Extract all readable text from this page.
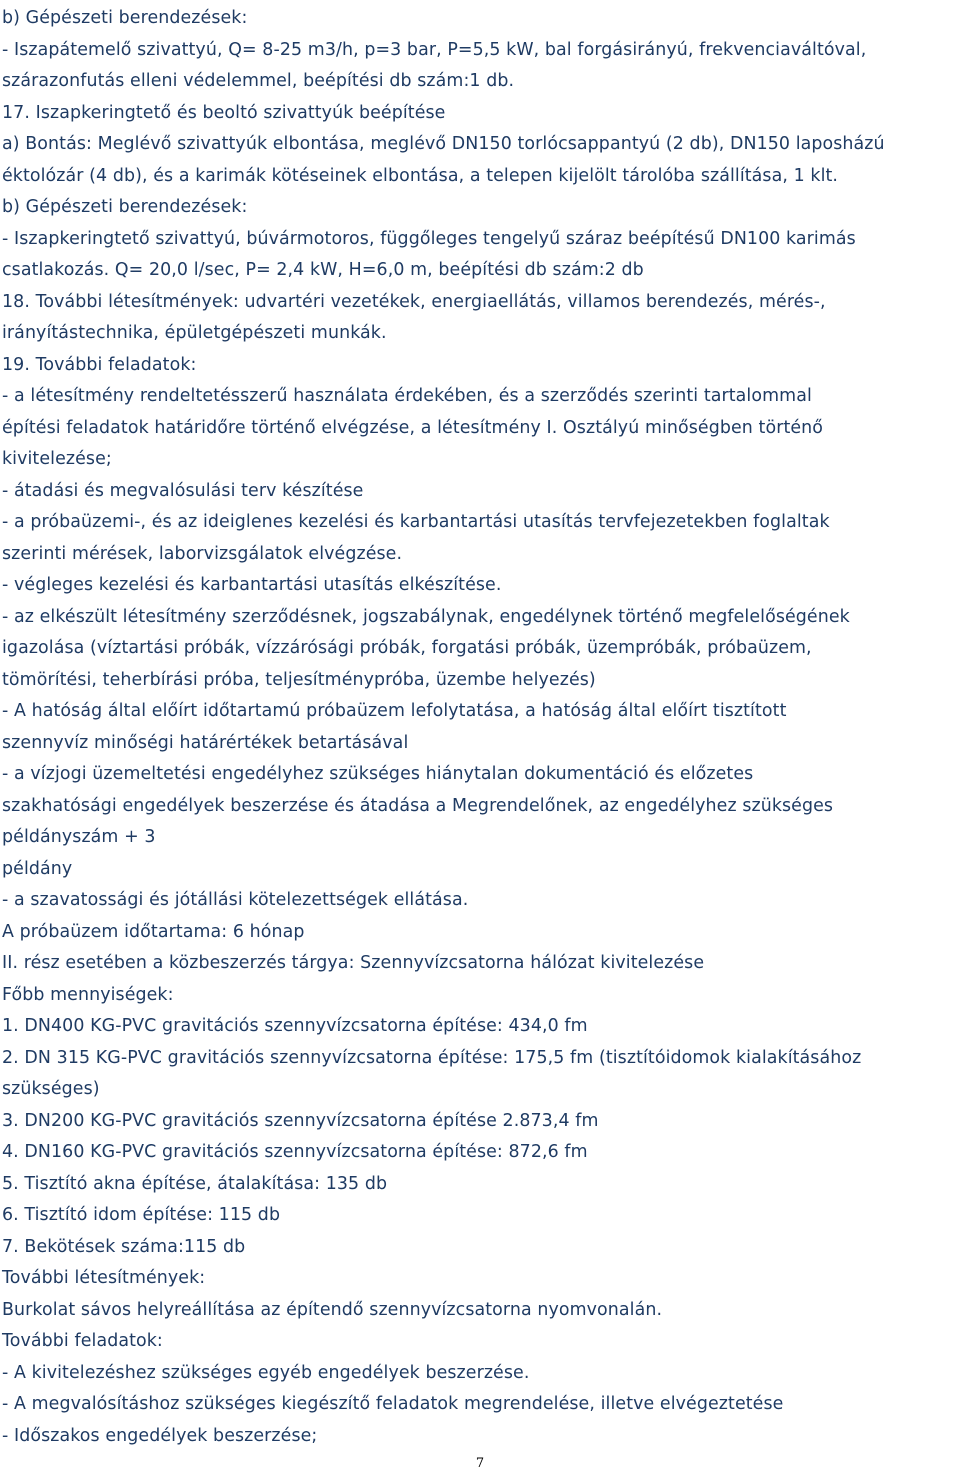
b) Gépészeti berendezések:
- Iszapátemelő szivattyú, Q= 8-25 m3/h, p=3 bar, P=5,5 kW, bal forgásirányú, frekvenciaváltóval,
szárazonfutás elleni védelemmel, beépítési db szám:1 db.
17. Iszapkeringtető és beoltó szivattyúk beépítése
a) Bontás: Meglévő szivattyúk elbontása, meglévő DN150 torlócsappantyú (2 db), DN150 laposházú
éktolózár (4 db), és a karimák kötéseinek elbontása, a telepen kijelölt tárolóba szállítása, 1 klt.
b) Gépészeti berendezések:
- Iszapkeringtető szivattyú, búvármotoros, függőleges tengelyű száraz beépítésű DN100 karimás
csatlakozás. Q= 20,0 l/sec, P= 2,4 kW, H=6,0 m, beépítési db szám:2 db
18. További létesítmények: udvartéri vezetékek, energiaellátás, villamos berendezés, mérés-,
irányítástechnika, épületgépészeti munkák.
19. További feladatok:
- a létesítmény rendeltetésszerű használata érdekében, és a szerződés szerinti tartalommal
építési feladatok határidőre történő elvégzése, a létesítmény I. Osztályú minőségben történő
kivitelezése;
- átadási és megvalósulási terv készítése
- a próbaüzemi-, és az ideiglenes kezelési és karbantartási utasítás tervfejezetekben foglaltak
szerinti mérések, laborvizsgálatok elvégzése.
- végleges kezelési és karbantartási utasítás elkészítése.
- az elkészült létesítmény szerződésnek, jogszabálynak, engedélynek történő megfelelőségének
igazolása (víztartási próbák, vízzárósági próbák, forgatási próbák, üzempróbák, próbaüzem,
tömörítési, teherbírási próba, teljesítménypróba, üzembe helyezés)
- A hatóság által előírt időtartamú próbaüzem lefolytatása, a hatóság által előírt tisztított
szennyvíz minőségi határértékek betartásával
- a vízjogi üzemeltetési engedélyhez szükséges hiánytalan dokumentáció és előzetes
szakhatósági engedélyek beszerzése és átadása a Megrendelőnek, az engedélyhez szükséges
példányszám + 3
példány
- a szavatossági és jótállási kötelezettségek ellátása.
A próbaüzem időtartama: 6 hónap
II. rész esetében a közbeszerzés tárgya: Szennyvízcsatorna hálózat kivitelezése
Főbb mennyiségek:
1. DN400 KG-PVC gravitációs szennyvízcsatorna építése: 434,0 fm
2. DN 315 KG-PVC gravitációs szennyvízcsatorna építése: 175,5 fm (tisztítóidomok kialakításához
szükséges)
3. DN200 KG-PVC gravitációs szennyvízcsatorna építése 2.873,4 fm
4. DN160 KG-PVC gravitációs szennyvízcsatorna építése: 872,6 fm
5. Tisztító akna építése, átalakítása: 135 db
6. Tisztító idom építése: 115 db
7. Bekötések száma:115 db
További létesítmények:
Burkolat sávos helyreállítása az építendő szennyvízcsatorna nyomvonalán.
További feladatok:
- A kivitelezéshez szükséges egyéb engedélyek beszerzése.
- A megvalósításhoz szükséges kiegészítő feladatok megrendelése, illetve elvégeztetése
- Időszakos engedélyek beszerzése;
7
